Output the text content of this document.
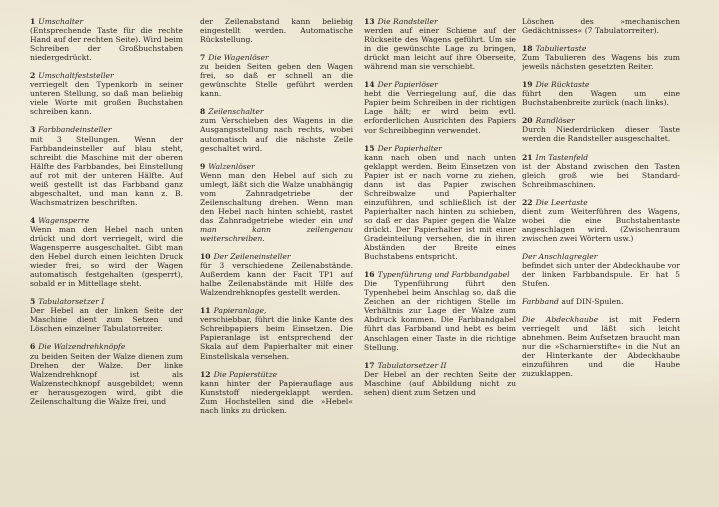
1 Umschalter
(Entsprechende Taste für die rechte Hand auf der rechten Seite). Wird beim Schreiben der Großbuchstaben niedergedrückt.
2 Umschaltfeststeller
verriegelt den Typenkorb in seiner unteren Stellung, so daß man beliebig viele Worte mit großen Buchstaben schreiben kann.
3 Farbbandeinsteller
mit 3 Stellungen. Wenn der Farbbandeinsteller auf blau steht, schreibt die Maschine mit der oberen Hälfte des Farbbandes, bei Einstellung auf rot mit der unteren Hälfte. Auf weiß gestellt ist das Farbband ganz abgeschaltet, und man kann z. B. Wachsmatrizen beschriften.
4 Wagensperre
Wenn man den Hebel nach unten drückt und dort verriegelt, wird die Wagensperre ausgeschaltet. Gibt man den Hebel durch einen leichten Druck wieder frei, so wird der Wagen automatisch festgehalten (gesperrt), sobald er in Mittellage steht.
5 Tabulatorsetzer I
Der Hebel an der linken Seite der Maschine dient zum Setzen und Löschen einzelner Tabulatorreiter.
6 Die Walzendrehknöpfe
zu beiden Seiten der Walze dienen zum Drehen der Walze. Der linke Walzendrehknopf ist als Walzenstechknopf ausgebildet; wenn er herausgezogen wird, gibt die Zeilenschaltung die Walze frei, und
der Zeilenabstand kann beliebig eingestellt werden. Automatische Rückstellung.
7 Die Wagenlöser
zu beiden Seiten geben den Wagen frei, so daß er schnell an die gewünschte Stelle geführt werden kann.
8 Zeilenschalter
zum Verschieben des Wagens in die Ausgangsstellung nach rechts, wobei automatisch auf die nächste Zeile geschaltet wird.
9 Walzenlöser
Wenn man den Hebel auf sich zu umlegt, läßt sich die Walze unabhängig vom Zahnradgetriebe der Zeilenschaltung drehen. Wenn man den Hebel nach hinten schiebt, rastet das Zahnradgetriebe wieder ein und man kann zeilengenau weiterschreiben.
10 Der Zeileneinsteller
für 3 verschiedene Zeilenabstände. Außerdem kann der Facit TP1 auf halbe Zeilenabstände mit Hilfe des Walzendrehknopfes gestellt werden.
11 Papieranlage,
verschiebbar, führt die linke Kante des Schreibpapiers beim Einsetzen. Die Papieranlage ist entsprechend der Skala auf dem Papierhalter mit einer Einstellskala versehen.
12 Die Papierstütze
kann hinter der Papierauflage aus Kunststoff niedergeklappt werden. Zum Hochstellen sind die »Hebel« nach links zu drücken.
13 Die Randsteller
werden auf einer Schiene auf der Rückseite des Wagens geführt. Um sie in die gewünschte Lage zu bringen, drückt man leicht auf ihre Oberseite, während man sie verschiebt.
14 Der Papierlöser
hebt die Verriegelung auf, die das Papier beim Schreiben in der richtigen Lage hält; er wird beim evtl. erforderlichen Ausrichten des Papiers vor Schreibbeginn verwendet.
15 Der Papierhalter
kann nach oben und nach unten geklappt werden. Beim Einsetzen von Papier ist er nach vorne zu ziehen, dann ist das Papier zwischen Schreibwalze und Papierhalter einzuführen, und schließlich ist der Papierhalter nach hinten zu schieben, so daß er das Papier gegen die Walze drückt. Der Papierhalter ist mit einer Gradeinteilung versehen, die in ihren Abständen der Breite eines Buchstabens entspricht.
16 Typenführung und Farbbandgabel
Die Typenführung führt den Typenhebel beim Anschlag so, daß die Zeichen an der richtigen Stelle im Verhältnis zur Lage der Walze zum Abdruck kommen. Die Farbbandgabel führt das Farbband und hebt es beim Anschlagen einer Taste in die richtige Stellung.
17 Tabulatorsetzer II
Der Hebel an der rechten Seite der Maschine (auf Abbildung nicht zu sehen) dient zum Setzen und
Löschen des »mechanischen Gedächtnisses« (7 Tabulatorreiter).
18 Tabuliertaste
Zum Tabulieren des Wagens bis zum jeweils nächsten gesetzten Reiter.
19 Die Rücktaste
führt den Wagen um eine Buchstabenbreite zurück (nach links).
20 Randlöser
Durch Niederdrücken dieser Taste werden die Randsteller ausgeschaltet.
21 Im Tastenfeld
ist der Abstand zwischen den Tasten gleich groß wie bei Standard-Schreibmaschinen.
22 Die Leertaste
dient zum Weiterführen des Wagens, wobei die eine Buchstabentaste angeschlagen wird. (Zwischenraum zwischen zwei Wörtern usw.)
Der Anschlagregler
befindet sich unter der Abdeckhaube vor der linken Farbbandspule. Er hat 5 Stufen.
Farbband auf DIN-Spulen.
Die Abdeckhaube ist mit Federn verriegelt und läßt sich leicht abnehmen. Beim Aufsetzen braucht man nur die »Scharnierstifte« in die Nut an der Hinterkante der Abdeckhaube einzuführen und die Haube zuzuklappen.
